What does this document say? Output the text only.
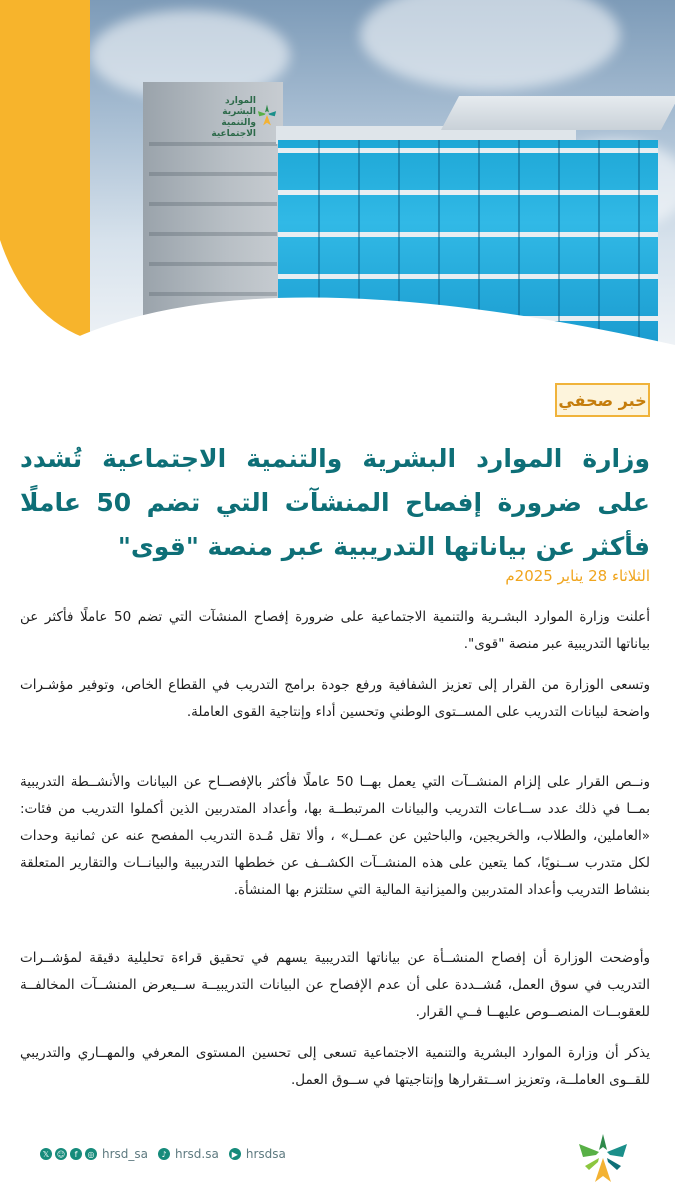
الموارد البشرية
والتنمية الاجتماعية
خبر صحفي
وزارة الموارد البشرية والتنمية الاجتماعية تُشدد على ضرورة إفصاح المنشآت التي تضم 50 عاملًا فأكثر عن بياناتها التدريبية عبر منصة "قوى"
الثلاثاء 28 يناير 2025م

أعلنت وزارة الموارد البشـرية والتنمية الاجتماعية على ضرورة إفصاح المنشآت التي تضم 50 عاملًا فأكثر عن بياناتها التدريبية عبر منصة "قوى".

وتسعى الوزارة من القرار إلى تعزيز الشفافية ورفع جودة برامج التدريب في القطاع الخاص، وتوفير مؤشـرات واضحة لبيانات التدريب على المســتوى الوطني وتحسين أداء وإنتاجية القوى العاملة.

ونــص القرار على إلزام المنشــآت التي يعمل بهــا 50 عاملًا فأكثر بالإفصــاح عن البيانات والأنشــطة التدريبية بمــا في ذلك عدد ســاعات التدريب والبيانات المرتبطــة بها، وأعداد المتدربين الذين أكملوا التدريب من فئات: «العاملين، والطلاب، والخريجين، والباحثين عن عمــل» ، وألا تقل مُـدة التدريب المفصح عنه عن ثمانية وحدات لكل متدرب ســنويًا، كما يتعين على هذه المنشــآت الكشــف عن خططها التدريبية والبيانــات والتقارير المتعلقة بنشاط التدريب وأعداد المتدربين والميزانية المالية التي ستلتزم بها المنشأة.

وأوضحت الوزارة أن إفصاح المنشــأة عن بياناتها التدريبية يسهم في تحقيق قراءة تحليلية دقيقة لمؤشــرات التدريب في سوق العمل، مُشــددة على أن عدم الإفصاح عن البيانات التدريبيــة ســيعرض المنشــآت المخالفــة للعقوبــات المنصــوص عليهــا فــي القرار.

يذكر أن وزارة الموارد البشرية والتنمية الاجتماعية تسعى إلى تحسين المستوى المعرفي والمهــاري والتدريبي للقــوى العاملــة، وتعزيز اســتقرارها وإنتاجيتها في ســوق العمل.

𝕏 ☺	f	◎ hrsd_sa	♪ hrsd.sa	▶ hrsdsa
